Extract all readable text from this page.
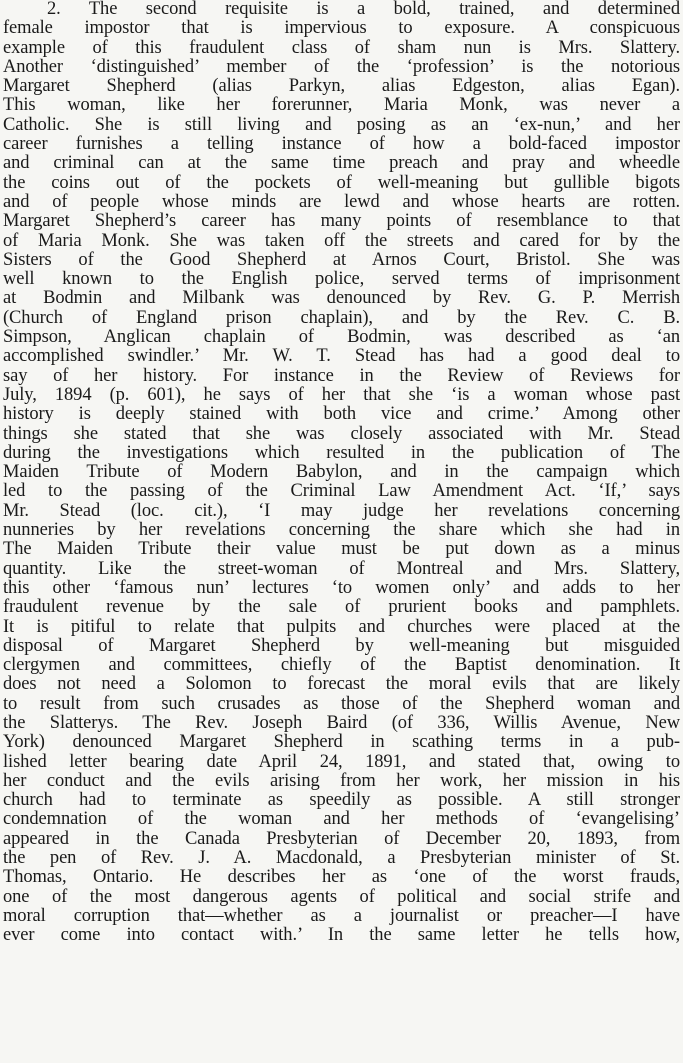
2. The second requisite is a bold, trained, and determined
female impostor that is impervious to exposure. A conspicuous
example of this fraudulent class of sham nun is Mrs. Slattery.
Another ‘distinguished’ member of the ‘profession’ is the notorious
Margaret Shepherd (alias Parkyn, alias Edgeston, alias Egan).
This woman, like her forerunner, Maria Monk, was never a
Catholic. She is still living and posing as an ‘ex-nun,’ and her
career furnishes a telling instance of how a bold-faced impostor
and criminal can at the same time preach and pray and wheedle
the coins out of the pockets of well-meaning but gullible bigots
and of people whose minds are lewd and whose hearts are rotten.
Margaret Shepherd’s career has many points of resemblance to that
of Maria Monk. She was taken off the streets and cared for by the
Sisters of the Good Shepherd at Arnos Court, Bristol. She was
well known to the English police, served terms of imprisonment
at Bodmin and Milbank was denounced by Rev. G. P. Merrish
(Church of England prison chaplain), and by the Rev. C. B.
Simpson, Anglican chaplain of Bodmin, was described as ‘an
accomplished swindler.’ Mr. W. T. Stead has had a good deal to
say of her history. For instance in the Review of Reviews for
July, 1894 (p. 601), he says of her that she ‘is a woman whose past
history is deeply stained with both vice and crime.’ Among other
things she stated that she was closely associated with Mr. Stead
during the investigations which resulted in the publication of The
Maiden Tribute of Modern Babylon, and in the campaign which
led to the passing of the Criminal Law Amendment Act. ‘If,’ says
Mr. Stead (loc. cit.), ‘I may judge her revelations concerning
nunneries by her revelations concerning the share which she had in
The Maiden Tribute their value must be put down as a minus
quantity. Like the street-woman of Montreal and Mrs. Slattery,
this other ‘famous nun’ lectures ‘to women only’ and adds to her
fraudulent revenue by the sale of prurient books and pamphlets.
It is pitiful to relate that pulpits and churches were placed at the
disposal of Margaret Shepherd by well-meaning but misguided
clergymen and committees, chiefly of the Baptist denomination. It
does not need a Solomon to forecast the moral evils that are likely
to result from such crusades as those of the Shepherd woman and
the Slatterys. The Rev. Joseph Baird (of 336, Willis Avenue, New
York) denounced Margaret Shepherd in scathing terms in a pub-
lished letter bearing date April 24, 1891, and stated that, owing to
her conduct and the evils arising from her work, her mission in his
church had to terminate as speedily as possible. A still stronger
condemnation of the woman and her methods of ‘evangelising’
appeared in the Canada Presbyterian of December 20, 1893, from
the pen of Rev. J. A. Macdonald, a Presbyterian minister of St.
Thomas, Ontario. He describes her as ‘one of the worst frauds,
one of the most dangerous agents of political and social strife and
moral corruption that—whether as a journalist or preacher—I have
ever come into contact with.’ In the same letter he tells how,
